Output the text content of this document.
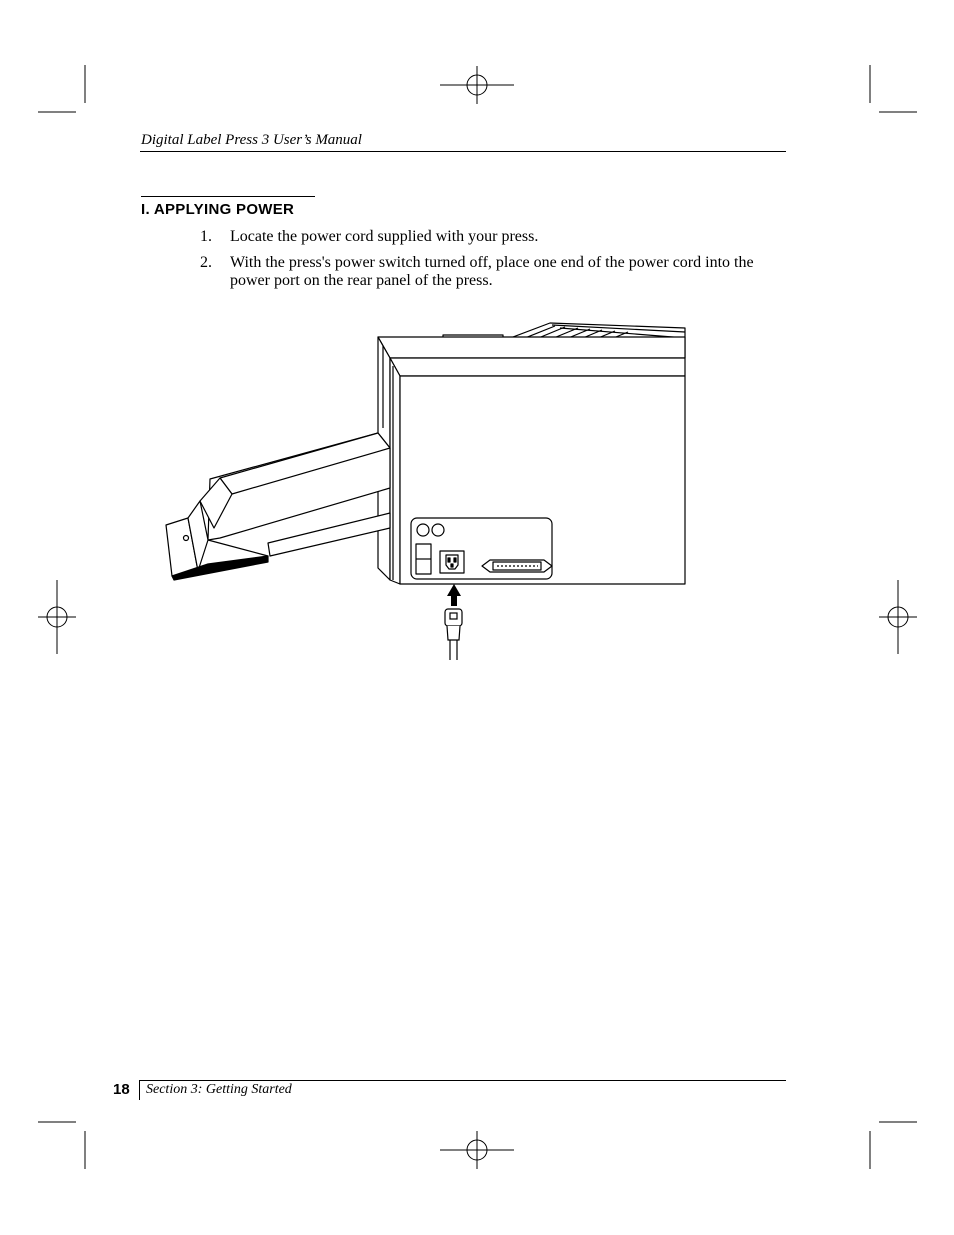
Digital Label Press 3 User’s Manual
I. APPLYING POWER
1. Locate the power cord supplied with your press.
2. With the press's power switch turned off, place one end of the power cord into the power port on the rear panel of the press.
18 Section 3: Getting Started
